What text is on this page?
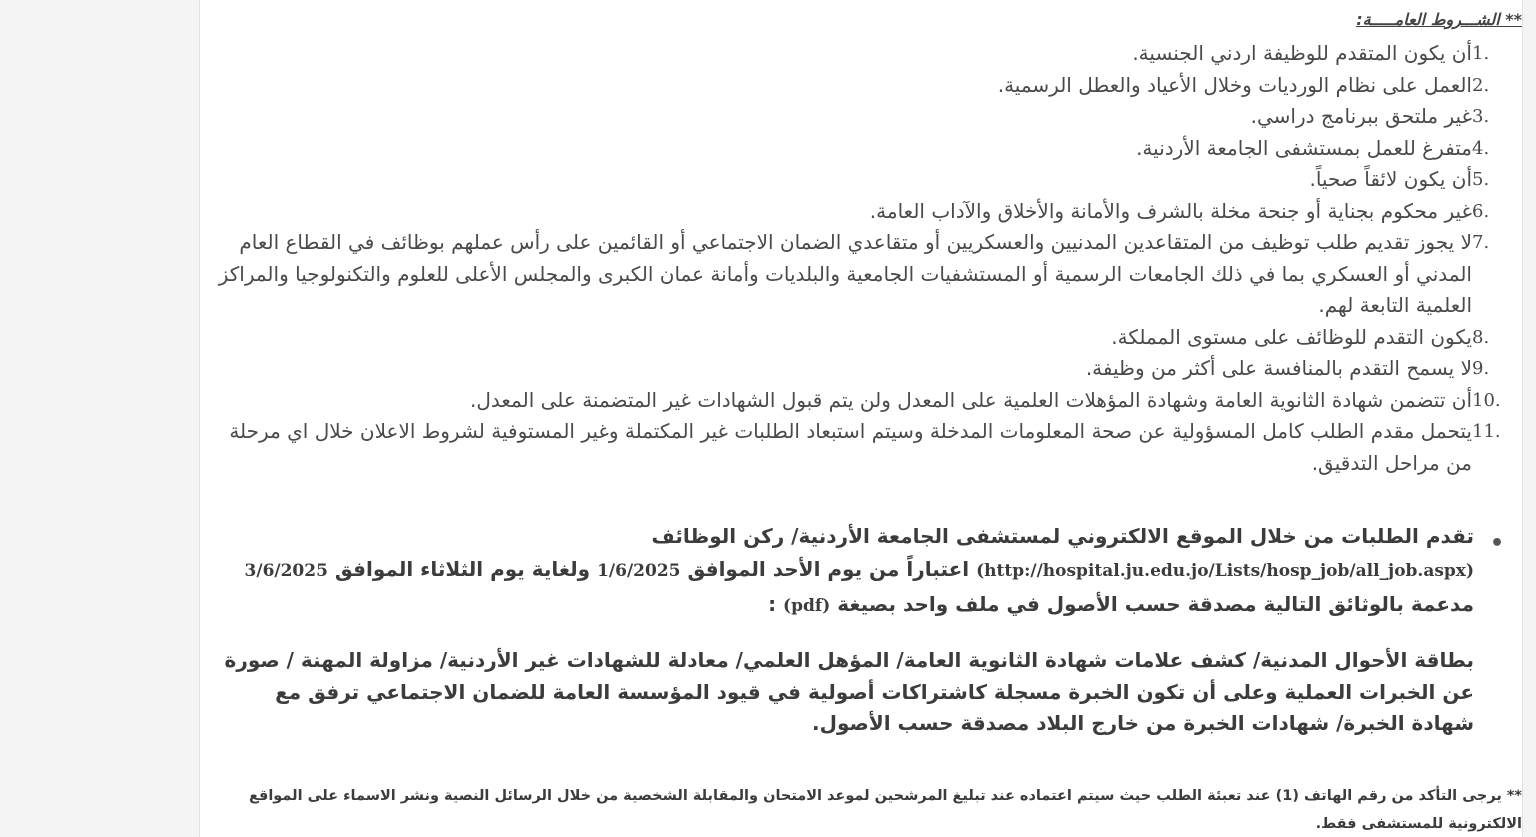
** الشـــروط العامـــــة:
1.
أن يكون المتقدم للوظيفة اردني الجنسية.
2.
العمل على نظام الورديات وخلال الأعياد والعطل الرسمية.
3.
غير ملتحق ببرنامج دراسي.
4.
متفرغ للعمل بمستشفى الجامعة الأردنية.
5.
أن يكون لائقاً صحياً.
6.
غير محكوم بجناية أو جنحة مخلة بالشرف والأمانة والأخلاق والآداب العامة.
7.
لا يجوز تقديم طلب توظيف من المتقاعدين المدنيين والعسكريين أو متقاعدي الضمان الاجتماعي أو القائمين على رأس عملهم بوظائف في القطاع العام المدني أو العسكري بما في ذلك الجامعات الرسمية أو المستشفيات الجامعية والبلديات وأمانة عمان الكبرى والمجلس الأعلى للعلوم والتكنولوجيا والمراكز العلمية التابعة لهم.
8.
يكون التقدم للوظائف على مستوى المملكة.
9.
لا يسمح التقدم بالمنافسة على أكثر من وظيفة.
10.
أن تتضمن شهادة الثانوية العامة وشهادة المؤهلات العلمية على المعدل ولن يتم قبول الشهادات غير المتضمنة على المعدل.
11.
يتحمل مقدم الطلب كامل المسؤولية عن صحة المعلومات المدخلة وسيتم استبعاد الطلبات غير المكتملة وغير المستوفية لشروط الاعلان خلال اي مرحلة من مراحل التدقيق.
•
تقدم الطلبات من خلال الموقع الالكتروني لمستشفى الجامعة الأردنية/ ركن الوظائف (http://hospital.ju.edu.jo/Lists/hosp_job/all_job.aspx) اعتباراً من يوم الأحد الموافق 1/6/2025 ولغاية يوم الثلاثاء الموافق 3/6/2025 مدعمة بالوثائق التالية مصدقة حسب الأصول في ملف واحد بصيغة (pdf) :
بطاقة الأحوال المدنية/ كشف علامات شهادة الثانوية العامة/ المؤهل العلمي/ معادلة للشهادات غير الأردنية/ مزاولة المهنة / صورة عن الخبرات العملية وعلى أن تكون الخبرة مسجلة كاشتراكات أصولية في قيود المؤسسة العامة للضمان الاجتماعي ترفق مع شهادة الخبرة/ شهادات الخبرة من خارج البلاد مصدقة حسب الأصول.
** يرجى التأكد من رقم الهاتف (1) عند تعبئة الطلب حيث سيتم اعتماده عند تبليغ المرشحين لموعد الامتحان والمقابلة الشخصية من خلال الرسائل النصية ونشر الاسماء على المواقع الالكترونية للمستشفى فقط.
